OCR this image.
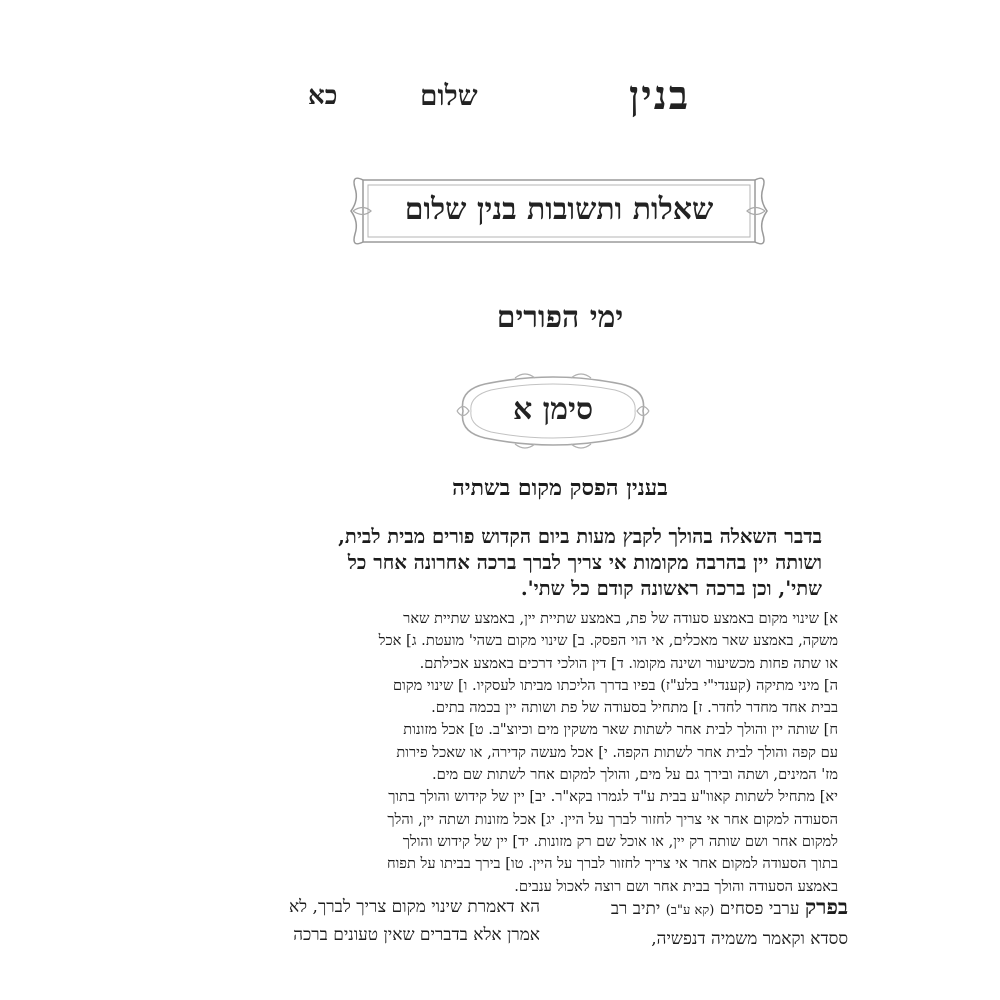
בנין
שלום
כא
שאלות ותשובות בנין שלום
ימי הפורים
סימן א
בענין הפסק מקום בשתיה
בדבר השאלה בהולך לקבץ מעות ביום הקדוש פורים מבית לבית,
ושותה יין בהרבה מקומות אי צריך לברך ברכה אחרונה אחר כל
שתי', וכן ברכה ראשונה קודם כל שתי'.
א] שינוי מקום באמצע סעודה של פת, באמצע שתיית יין, באמצע שתיית שאר
משקה, באמצע שאר מאכלים, אי הוי הפסק. ב] שינוי מקום בשהי' מועטת. ג] אכל
או שתה פחות מכשיעור ושינה מקומו. ד] דין הולכי דרכים באמצע אכילתם.
ה] מיני מתיקה (קענדי"י בלע"ז) בפיו בדרך הליכתו מביתו לעסקיו. ו] שינוי מקום
בבית אחד מחדר לחדר. ז] מתחיל בסעודה של פת ושותה יין בכמה בתים.
ח] שותה יין והולך לבית אחר לשתות שאר משקין מים וכיוצ"ב. ט] אכל מזונות
עם קפה והולך לבית אחר לשתות הקפה. י] אכל מעשה קדירה, או שאכל פירות
מז' המינים, ושתה ובירך גם על מים, והולך למקום אחר לשתות שם מים.
יא] מתחיל לשתות קאוו"ע בבית ע"ד לגמרו בקא"ר. יב] יין של קידוש והולך בתוך
הסעודה למקום אחר אי צריך לחזור לברך על היין. יג] אכל מזונות ושתה יין, והלך
למקום אחר ושם שותה רק יין, או אוכל שם רק מזונות. יד] יין של קידוש והולך
בתוך הסעודה למקום אחר אי צריך לחזור לברך על היין. טו] בירך בביתו על תפוח
באמצע הסעודה והולך בבית אחר ושם רוצה לאכול ענבים.
בפרק ערבי פסחים (קא ע"ב) יתיב רב
ססדא וקאמר משמיה דנפשיה,
הא דאמרת שינוי מקום צריך לברך, לא
אמרן אלא בדברים שאין טעונים ברכה
